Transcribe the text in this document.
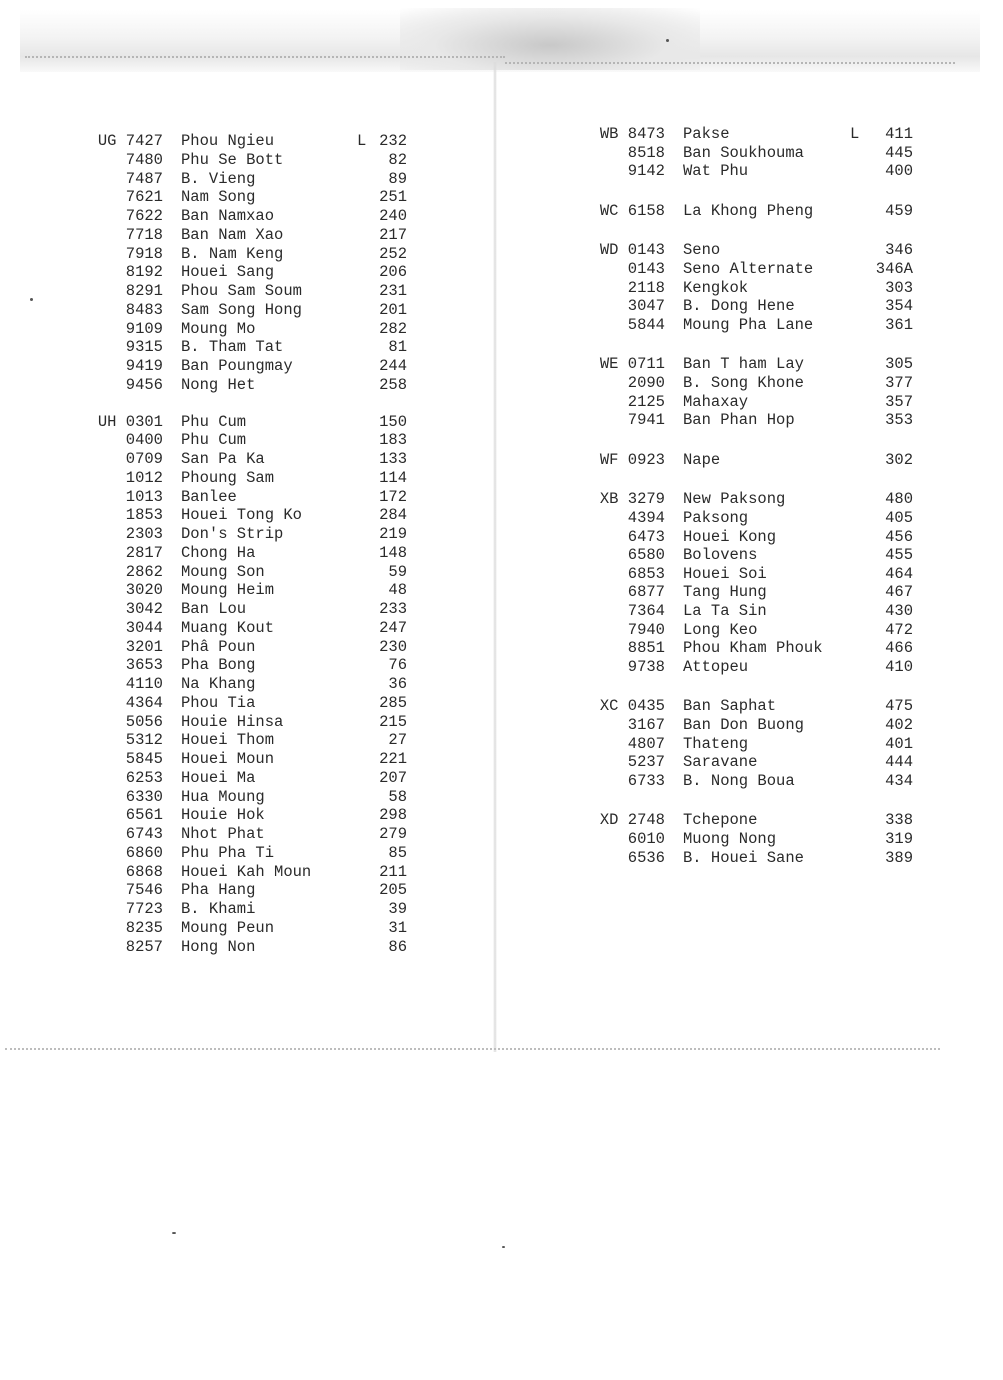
UG 7427 Phou Ngieu	L 232
7480 Phu Se Bott	82
7487 B. Vieng	89
7621 Nam Song	251
7622 Ban Namxao	240
7718 Ban Nam Xao	217
7918 B. Nam Keng	252
8192 Houei Sang	206
8291 Phou Sam Soum	231
8483 Sam Song Hong	201
9109 Moung Mo	282
9315 B. Tham Tat	81
9419 Ban Poungmay	244
9456 Nong Het	258
UH 0301 Phu Cum	150
0400 Phu Cum	183
0709 San Pa Ka	133
1012 Phoung Sam	114
1013 Banlee	172
1853 Houei Tong Ko	284
2303 Don's Strip	219
2817 Chong Ha	148
2862 Moung Son	59
3020 Moung Heim	48
3042 Ban Lou	233
3044 Muang Kout	247
3201 Phâ Poun	230
3653 Pha Bong	76
4110 Na Khang	36
4364 Phou Tia	285
5056 Houie Hinsa	215
5312 Houei Thom	27
5845 Houei Moun	221
6253 Houei Ma	207
6330 Hua Moung	58
6561 Houie Hok	298
6743 Nhot Phat	279
6860 Phu Pha Ti	85
6868 Houei Kah Moun	211
7546 Pha Hang	205
7723 B. Khami	39
8235 Moung Peun	31
8257 Hong Non	86
WB 8473 Pakse	L 411
8518 Ban Soukhouma	445
9142 Wat Phu	400
WC 6158 La Khong Pheng	459
WD 0143 Seno	346
0143 Seno Alternate	346A
2118 Kengkok	303
3047 B. Dong Hene	354
5844 Moung Pha Lane	361
WE 0711 Ban T ham Lay	305
2090 B. Song Khone	377
2125 Mahaxay	357
7941 Ban Phan Hop	353
WF 0923 Nape	302
XB 3279 New Paksong	480
4394 Paksong	405
6473 Houei Kong	456
6580 Bolovens	455
6853 Houei Soi	464
6877 Tang Hung	467
7364 La Ta Sin	430
7940 Long Keo	472
8851 Phou Kham Phouk	466
9738 Attopeu	410
XC 0435 Ban Saphat	475
3167 Ban Don Buong	402
4807 Thateng	401
5237 Saravane	444
6733 B. Nong Boua	434
XD 2748 Tchepone	338
6010 Muong Nong	319
6536 B. Houei Sane	389
